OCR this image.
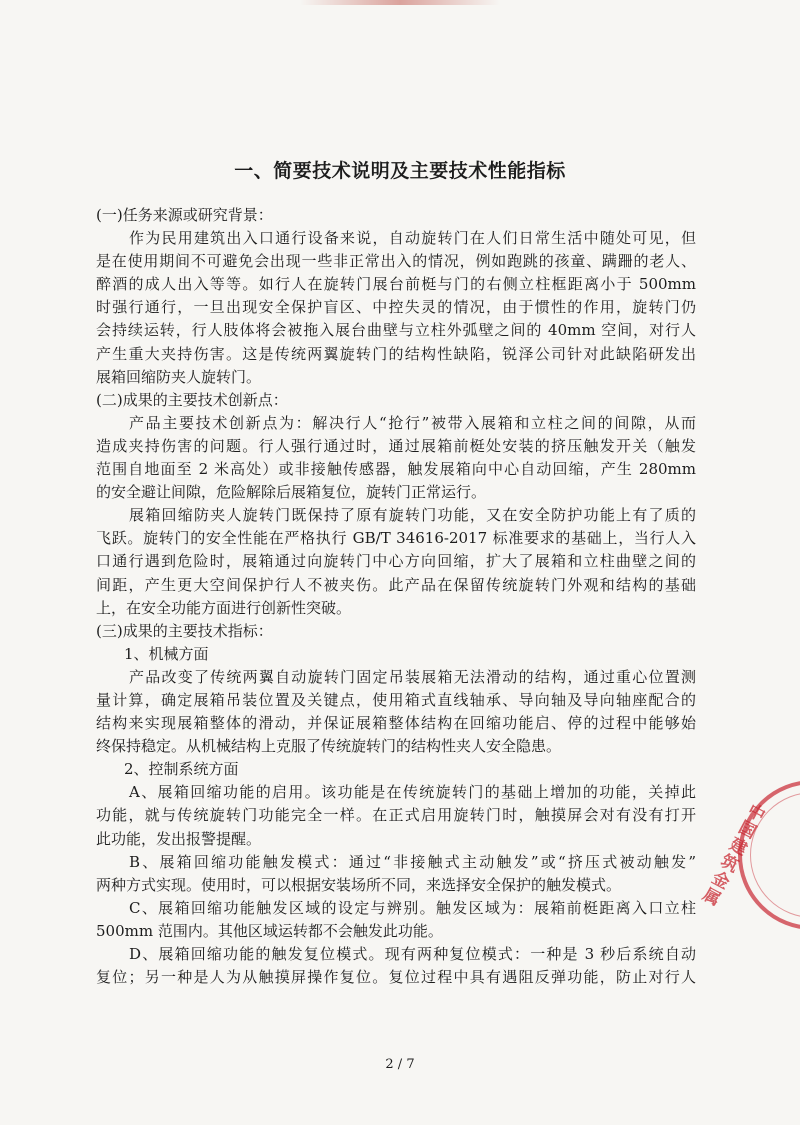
一、简要技术说明及主要技术性能指标
(一)任务来源或研究背景：
作为民用建筑出入口通行设备来说，自动旋转门在人们日常生活中随处可见，但
是在使用期间不可避免会出现一些非正常出入的情况，例如跑跳的孩童、蹒跚的老人、
醉酒的成人出入等等。如行人在旋转门展台前梃与门的右侧立柱框距离小于 500mm
时强行通行，一旦出现安全保护盲区、中控失灵的情况，由于惯性的作用，旋转门仍
会持续运转，行人肢体将会被拖入展台曲壁与立柱外弧壁之间的 40mm 空间，对行人
产生重大夹持伤害。这是传统两翼旋转门的结构性缺陷，锐泽公司针对此缺陷研发出
展箱回缩防夹人旋转门。
(二)成果的主要技术创新点：
产品主要技术创新点为：解决行人“抢行”被带入展箱和立柱之间的间隙，从而
造成夹持伤害的问题。行人强行通过时，通过展箱前梃处安装的挤压触发开关（触发
范围自地面至 2 米高处）或非接触传感器，触发展箱向中心自动回缩，产生 280mm
的安全避让间隙，危险解除后展箱复位，旋转门正常运行。
展箱回缩防夹人旋转门既保持了原有旋转门功能，又在安全防护功能上有了质的
飞跃。旋转门的安全性能在严格执行 GB/T 34616-2017 标准要求的基础上，当行人入
口通行遇到危险时，展箱通过向旋转门中心方向回缩，扩大了展箱和立柱曲壁之间的
间距，产生更大空间保护行人不被夹伤。此产品在保留传统旋转门外观和结构的基础
上，在安全功能方面进行创新性突破。
(三)成果的主要技术指标：
1、机械方面
产品改变了传统两翼自动旋转门固定吊装展箱无法滑动的结构，通过重心位置测
量计算，确定展箱吊装位置及关键点，使用箱式直线轴承、导向轴及导向轴座配合的
结构来实现展箱整体的滑动，并保证展箱整体结构在回缩功能启、停的过程中能够始
终保持稳定。从机械结构上克服了传统旋转门的结构性夹人安全隐患。
2、控制系统方面
A、展箱回缩功能的启用。该功能是在传统旋转门的基础上增加的功能，关掉此
功能，就与传统旋转门功能完全一样。在正式启用旋转门时，触摸屏会对有没有打开
此功能，发出报警提醒。
B、展箱回缩功能触发模式：通过“非接触式主动触发”或“挤压式被动触发”
两种方式实现。使用时，可以根据安装场所不同，来选择安全保护的触发模式。
C、展箱回缩功能触发区域的设定与辨别。触发区域为：展箱前梃距离入口立柱
500mm 范围内。其他区域运转都不会触发此功能。
D、展箱回缩功能的触发复位模式。现有两种复位模式：一种是 3 秒后系统自动
复位；另一种是人为从触摸屏操作复位。复位过程中具有遇阻反弹功能，防止对行人
中国建筑金属
2 / 7
